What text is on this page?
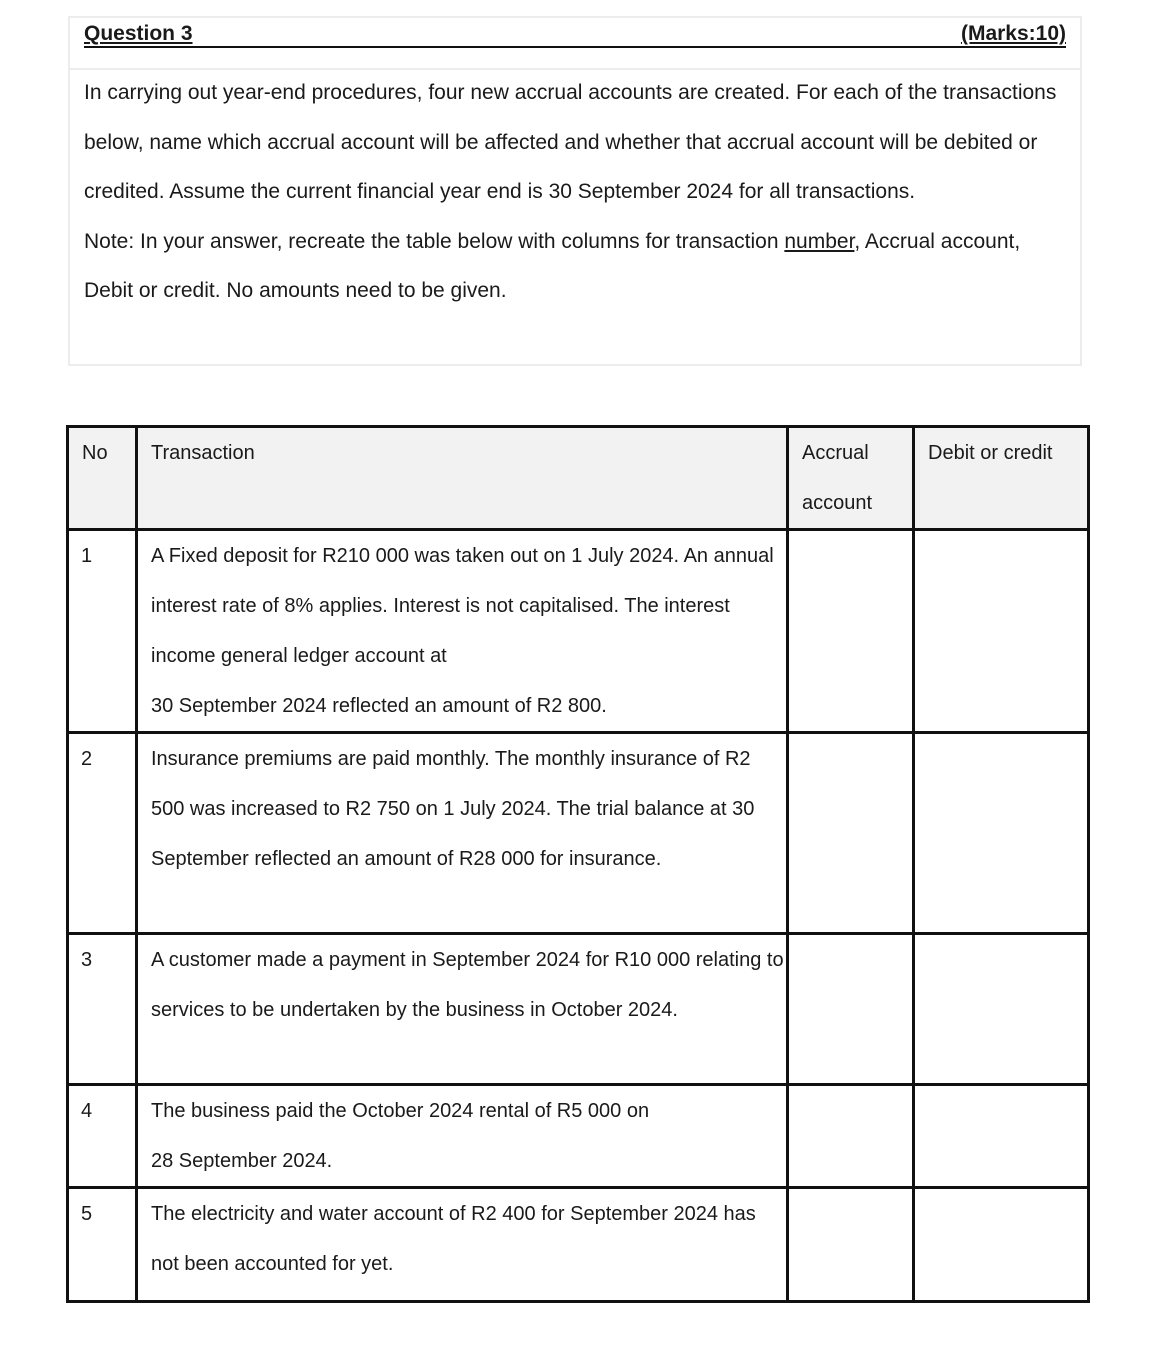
Question 3	(Marks:10)

In carrying out year-end procedures, four new accrual accounts are created. For each of the transactions below, name which accrual account will be affected and whether that accrual account will be debited or credited. Assume the current financial year end is 30 September 2024 for all transactions.

Note: In your answer, recreate the table below with columns for transaction number, Accrual account, Debit or credit. No amounts need to be given.

No	Transaction	Accrual account	Debit or credit
1	A Fixed deposit for R210 000 was taken out on 1 July 2024. An annual interest rate of 8% applies. Interest is not capitalised. The interest income general ledger account at
30 September 2024 reflected an amount of R2 800.		

2	Insurance premiums are paid monthly. The monthly insurance of R2 500 was increased to R2 750 on 1 July 2024. The trial balance at 30 September reflected an amount of R28 000 for insurance.		
3	A customer made a payment in September 2024 for R10 000 relating to services to be undertaken by the business in October 2024.		
4	The business paid the October 2024 rental of R5 000 on
28 September 2024.		

5	The electricity and water account of R2 400 for September 2024 has not been accounted for yet.		
